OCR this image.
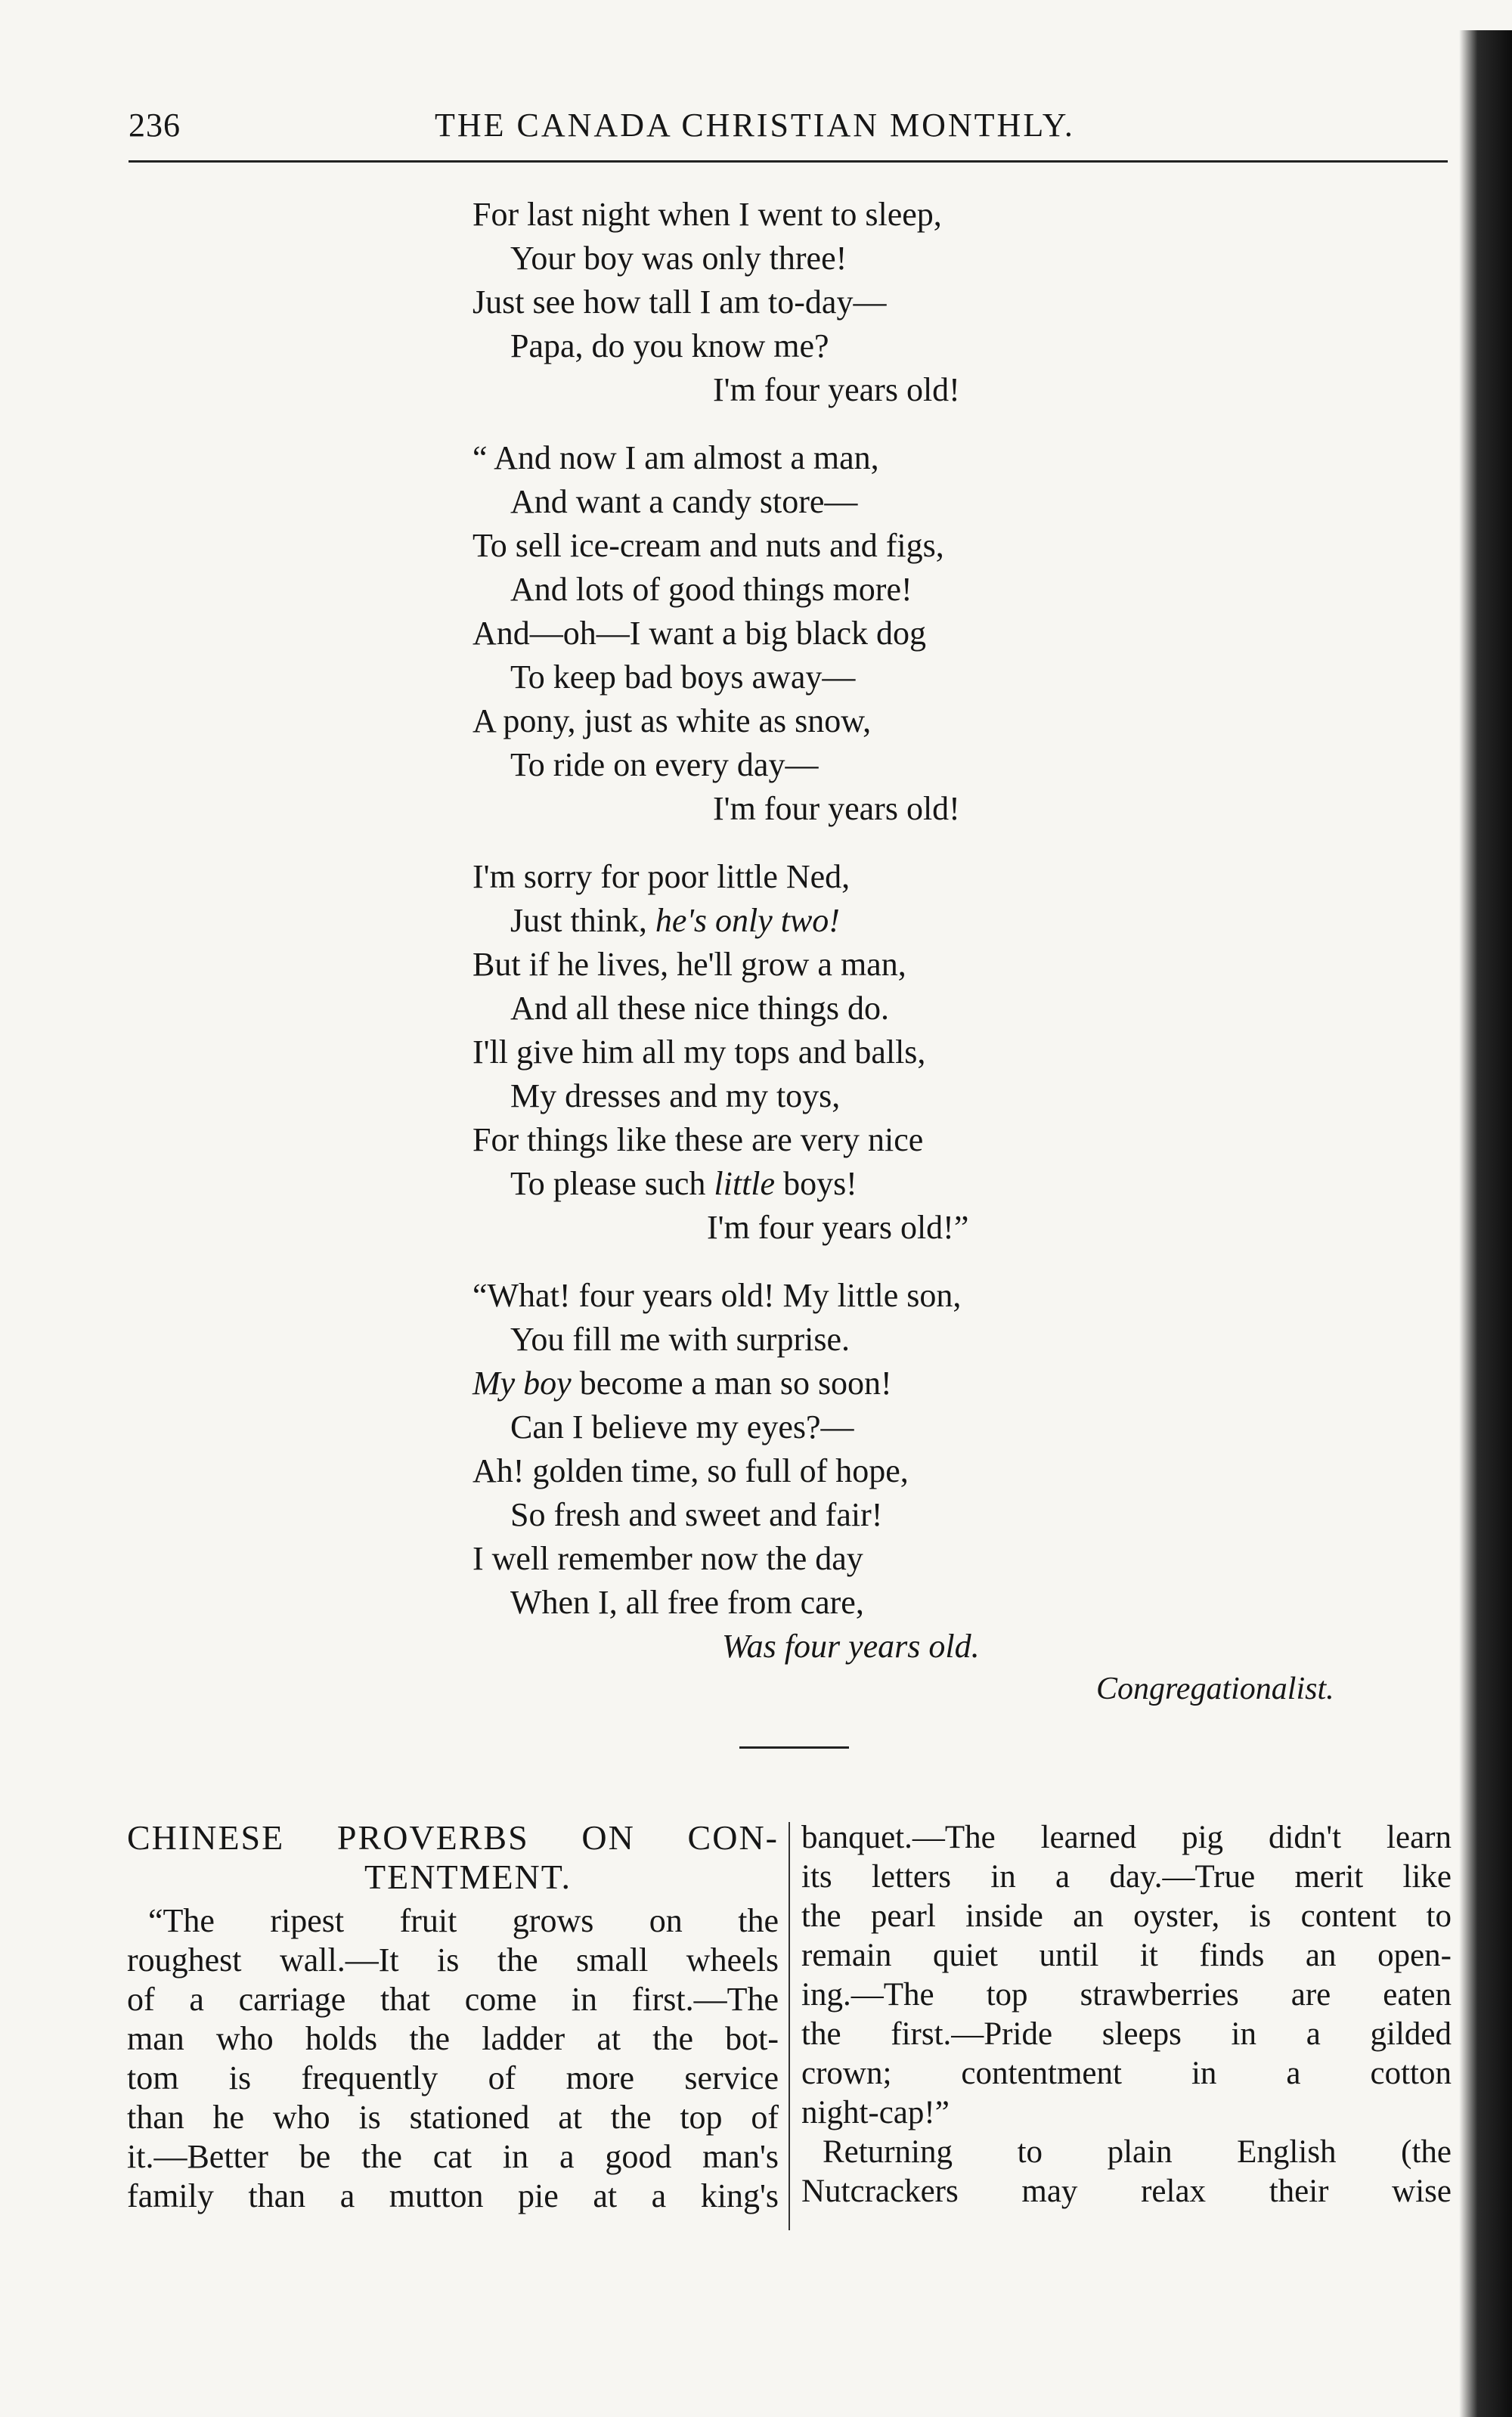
236	THE CANADA CHRISTIAN MONTHLY.
For last night when I went to sleep,
Your boy was only three!
Just see how tall I am to-day—
Papa, do you know me?
I'm four years old!
“ And now I am almost a man,
And want a candy store—
To sell ice-cream and nuts and figs,
And lots of good things more!
And—oh—I want a big black dog
To keep bad boys away—
A pony, just as white as snow,
To ride on every day—
I'm four years old!
I'm sorry for poor little Ned,
Just think, he's only two!
But if he lives, he'll grow a man,
And all these nice things do.
I'll give him all my tops and balls,
My dresses and my toys,
For things like these are very nice
To please such little boys!
I'm four years old!”
“What! four years old! My little son,
You fill me with surprise.
My boy become a man so soon!
Can I believe my eyes?—
Ah! golden time, so full of hope,
So fresh and sweet and fair!
I well remember now the day
When I, all free from care,
Was four years old.
Congregationalist.
CHINESE PROVERBS ON CON-
TENTMENT.
“The ripest fruit grows on the
roughest wall.—It is the small wheels
of a carriage that come in first.—The
man who holds the ladder at the bot-
tom is frequently of more service
than he who is stationed at the top of
it.—Better be the cat in a good man's
family than a mutton pie at a king's
banquet.—The learned pig didn't learn
its letters in a day.—True merit like
the pearl inside an oyster, is content to
remain quiet until it finds an open-
ing.—The top strawberries are eaten
the first.—Pride sleeps in a gilded
crown; contentment in a cotton
night-cap!”
Returning to plain English (the
Nutcrackers may relax their wise
